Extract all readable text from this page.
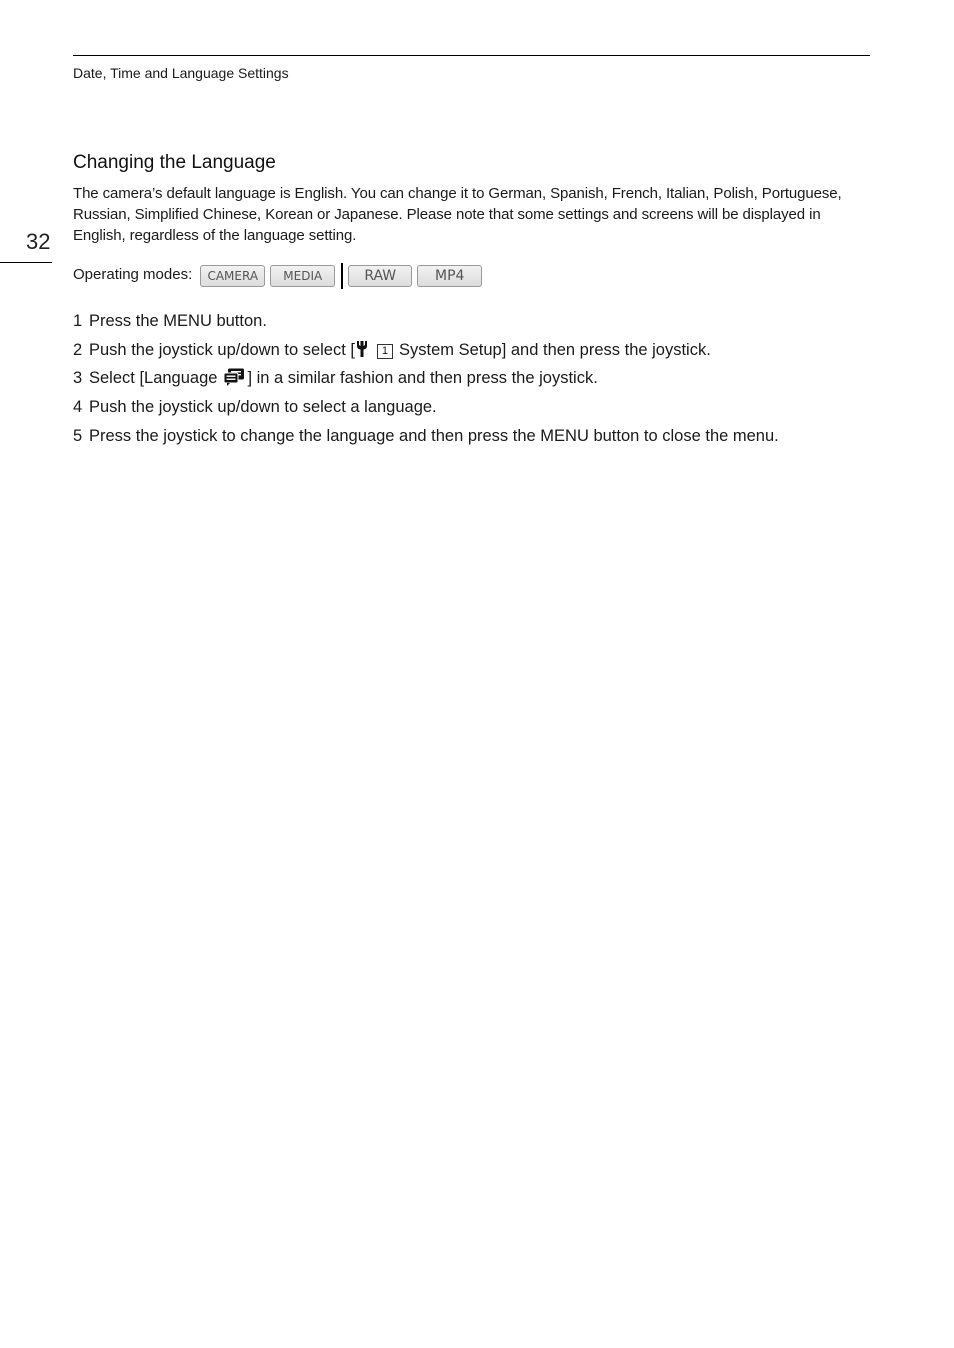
Date, Time and Language Settings
32
Changing the Language

The camera’s default language is English. You can change it to German, Spanish, French, Italian, Polish, Portuguese, Russian, Simplified Chinese, Korean or Japanese. Please note that some settings and screens will be displayed in English, regardless of the language setting.

Operating modes:	CAMERA	MEDIA	RAW	MP4
1 Press the MENU button.
2 Push the joystick up/down to select [ 1 System Setup] and then press the joystick.
3 Select [Language ] in a similar fashion and then press the joystick.
4 Push the joystick up/down to select a language.
5 Press the joystick to change the language and then press the MENU button to close the menu.
